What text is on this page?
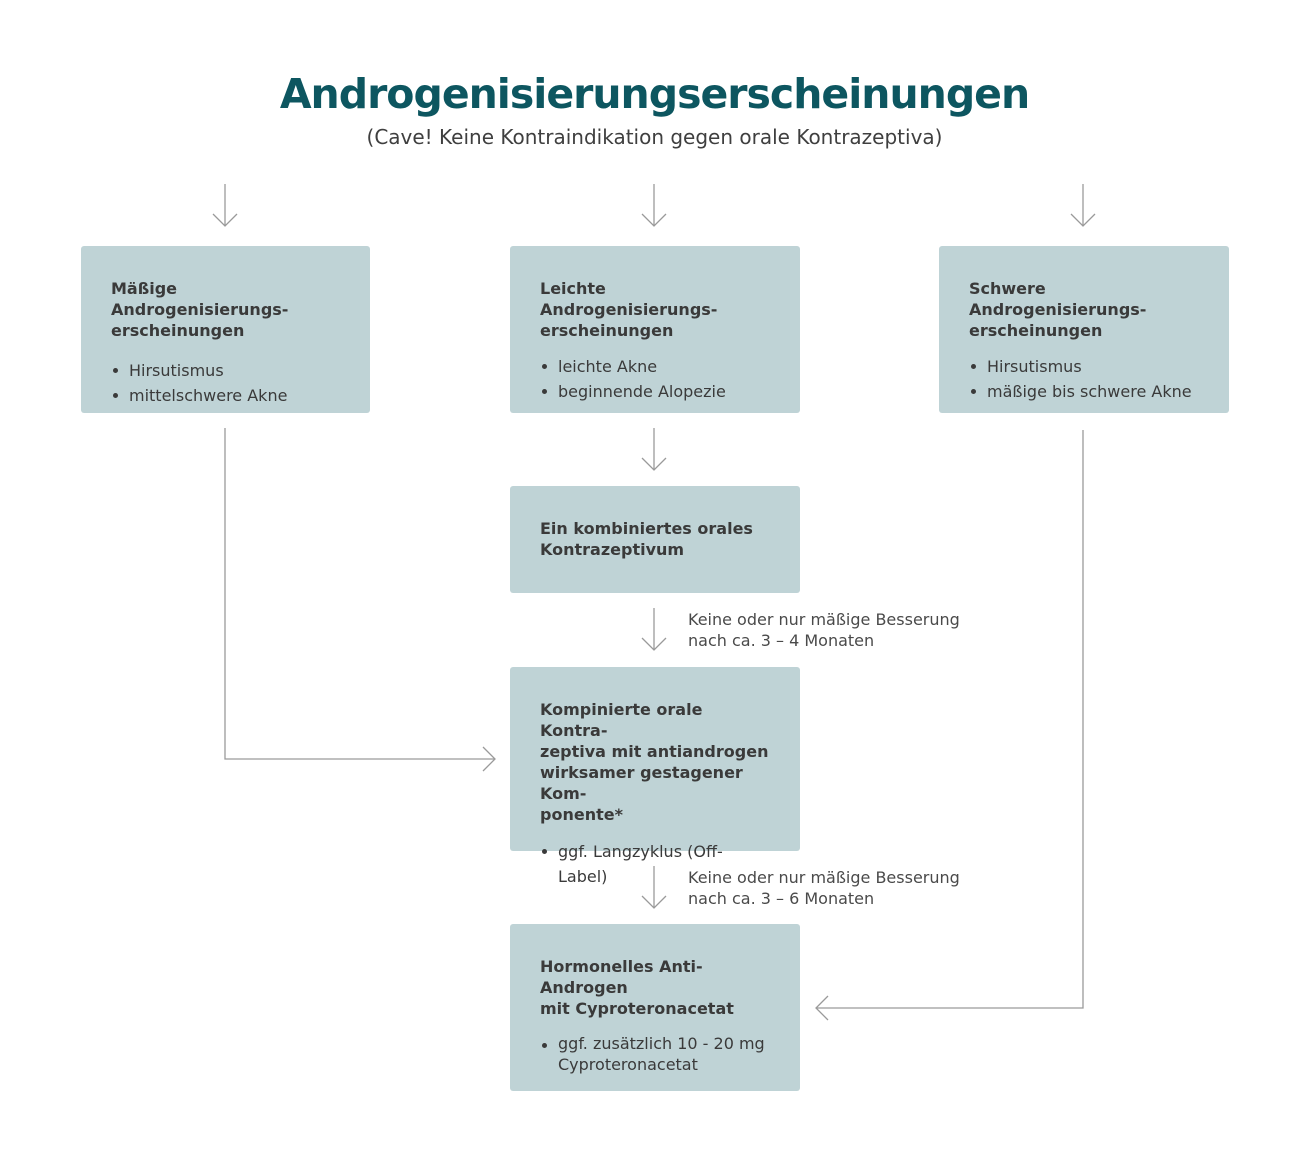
Androgenisierungserscheinungen
(Cave! Keine Kontraindikation gegen orale Kontrazeptiva)
Mäßige Androgenisierungs-
erscheinungen
Hirsutismus
mittelschwere Akne
Leichte Androgenisierungs-
erscheinungen
leichte Akne
beginnende Alopezie
Schwere Androgenisierungs-
erscheinungen
Hirsutismus
mäßige bis schwere Akne
Ein kombiniertes orales
Kontrazeptivum
Keine oder nur mäßige Besserung
nach ca. 3 – 4 Monaten
Kompinierte orale Kontra-
zeptiva mit antiandrogen
wirksamer gestagener Kom-
ponente*
ggf. Langzyklus (Off-Label)	Keine oder nur mäßige Besserung
nach ca. 3 – 6 Monaten
Hormonelles Anti-Androgen
mit Cyproteronacetat
ggf. zusätzlich 10 - 20 mg
Cyproteronacetat
